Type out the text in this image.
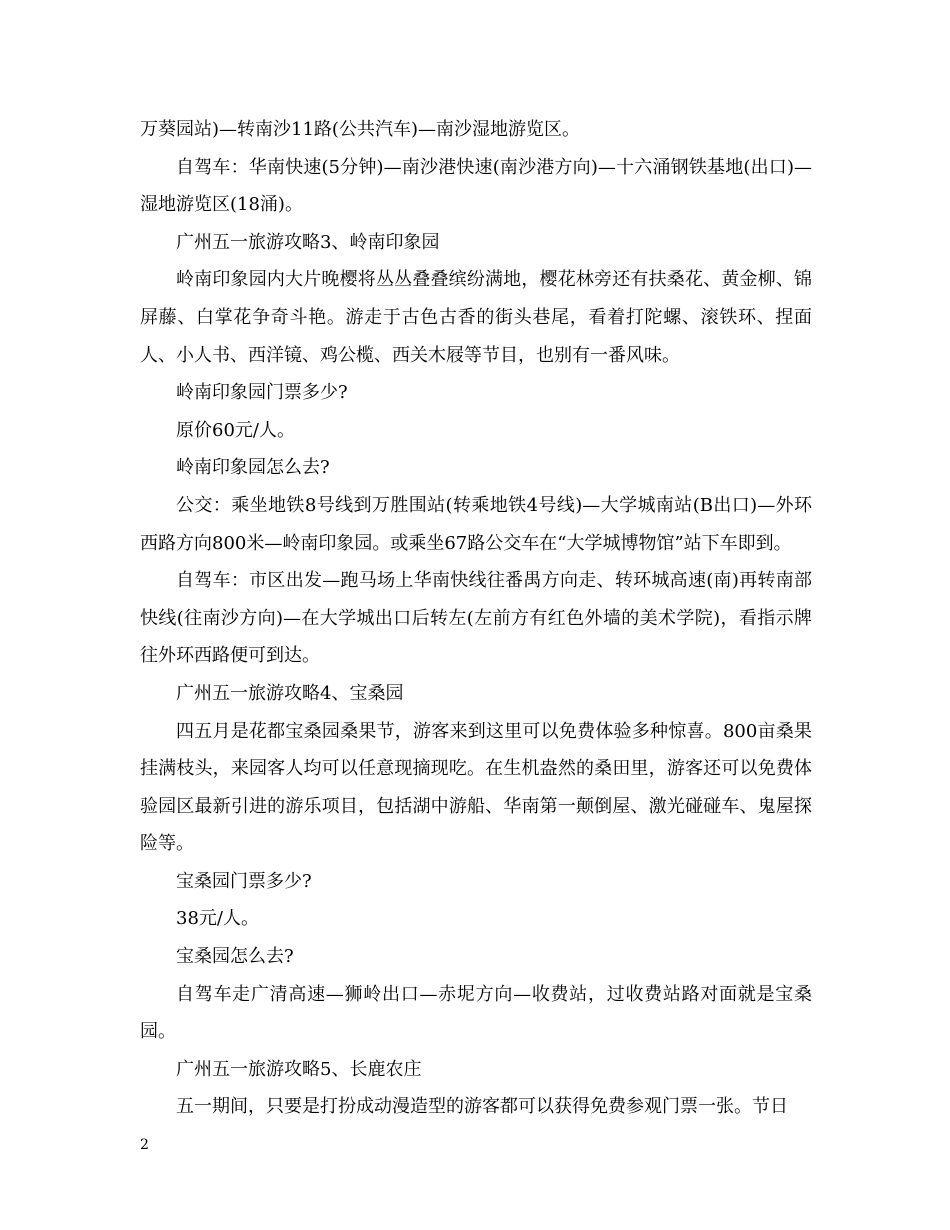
万葵园站)—转南沙11路(公共汽车)—南沙湿地游览区。

自驾车：华南快速(5分钟)—南沙港快速(南沙港方向)—十六涌钢铁基地(出口)—湿地游览区(18涌)。

广州五一旅游攻略3、岭南印象园

岭南印象园内大片晚樱将丛丛叠叠缤纷满地，樱花林旁还有扶桑花、黄金柳、锦屏藤、白掌花争奇斗艳。游走于古色古香的街头巷尾，看着打陀螺、滚铁环、捏面人、小人书、西洋镜、鸡公榄、西关木屐等节目，也别有一番风味。

岭南印象园门票多少?

原价60元/人。

岭南印象园怎么去?

公交：乘坐地铁8号线到万胜围站(转乘地铁4号线)—大学城南站(B出口)—外环西路方向800米—岭南印象园。或乘坐67路公交车在“大学城博物馆”站下车即到。

自驾车：市区出发—跑马场上华南快线往番禺方向走、转环城高速(南)再转南部快线(往南沙方向)—在大学城出口后转左(左前方有红色外墙的美术学院)，看指示牌往外环西路便可到达。

广州五一旅游攻略4、宝桑园

四五月是花都宝桑园桑果节，游客来到这里可以免费体验多种惊喜。800亩桑果挂满枝头，来园客人均可以任意现摘现吃。在生机盎然的桑田里，游客还可以免费体验园区最新引进的游乐项目，包括湖中游船、华南第一颠倒屋、激光碰碰车、鬼屋探险等。

宝桑园门票多少?

38元/人。

宝桑园怎么去?

自驾车走广清高速—狮岭出口—赤坭方向—收费站，过收费站路对面就是宝桑园。

广州五一旅游攻略5、长鹿农庄

五一期间，只要是打扮成动漫造型的游客都可以获得免费参观门票一张。节日

2
